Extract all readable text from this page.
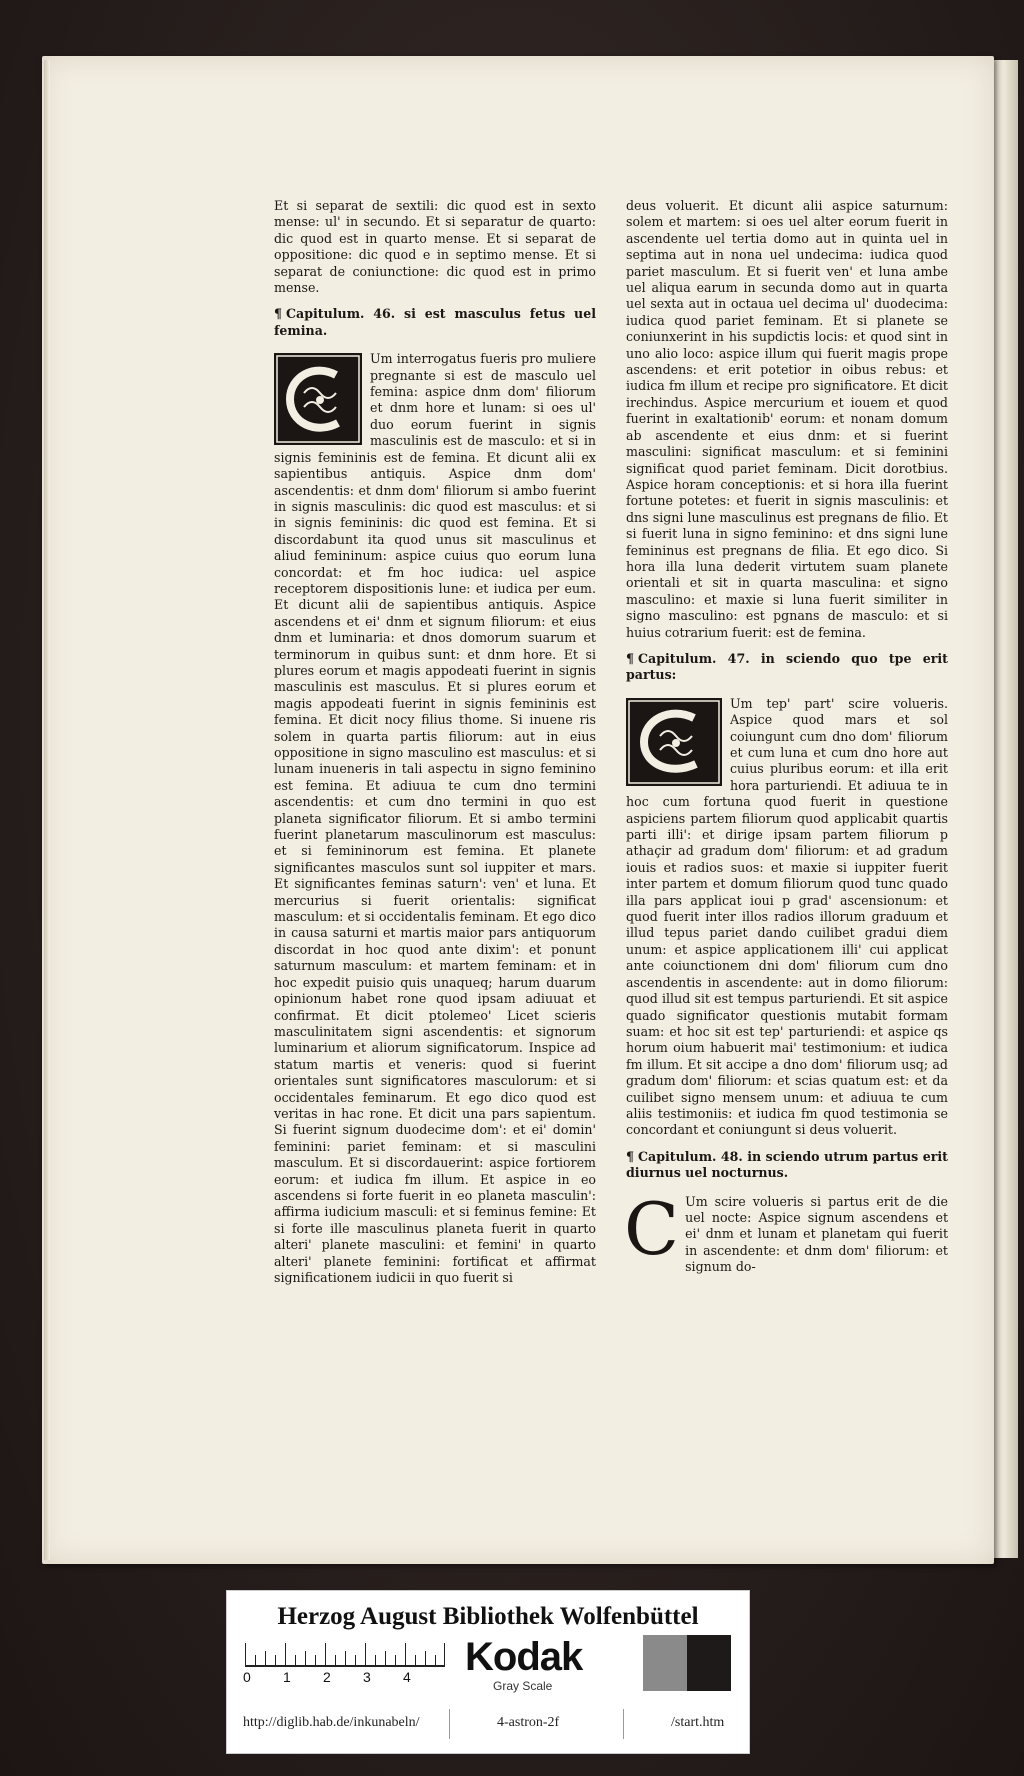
Et si separat de sextili: dic quod est in sexto mense: ul' in secundo. Et si separatur de quarto: dic quod est in quarto mense. Et si separat de oppositione: dic quod e in septimo mense. Et si separat de coniunctione: dic quod est in primo mense.

¶ Capitulum. 46. si est masculus fetus uel femina.

Um interrogatus fueris pro muliere pregnante si est de masculo uel femina: aspice dnm dom' filiorum et dnm hore et lunam: si oes ul' duo eorum fuerint in signis masculinis est de masculo: et si in signis femininis est de femina. Et dicunt alii ex sapientibus antiquis. Aspice dnm dom' ascendentis: et dnm dom' filiorum si ambo fuerint in signis masculinis: dic quod est masculus: et si in signis femininis: dic quod est femina. Et si discordabunt ita quod unus sit masculinus et aliud femininum: aspice cuius quo eorum luna concordat: et fm hoc iudica: uel aspice receptorem dispositionis lune: et iudica per eum. Et dicunt alii de sapientibus antiquis. Aspice ascendens et ei' dnm et signum filiorum: et eius dnm et luminaria: et dnos domorum suarum et terminorum in quibus sunt: et dnm hore. Et si plures eorum et magis appodeati fuerint in signis masculinis est masculus. Et si plures eorum et magis appodeati fuerint in signis femininis est femina. Et dicit nocy filius thome. Si inuene ris solem in quarta partis filiorum: aut in eius oppositione in signo masculino est masculus: et si lunam inueneris in tali aspectu in signo feminino est femina. Et adiuua te cum dno termini ascendentis: et cum dno termini in quo est planeta significator filiorum. Et si ambo termini fuerint planetarum masculinorum est masculus: et si femininorum est femina. Et planete significantes masculos sunt sol iuppiter et mars. Et significantes feminas saturn': ven' et luna. Et mercurius si fuerit orientalis: significat masculum: et si occidentalis feminam. Et ego dico in causa saturni et martis maior pars antiquorum discordat in hoc quod ante dixim': et ponunt saturnum masculum: et martem feminam: et in hoc expedit puisio quis unaqueq; harum duarum opinionum habet rone quod ipsam adiuuat et confirmat. Et dicit ptolemeo' Licet scieris masculinitatem signi ascendentis: et signorum luminarium et aliorum significatorum. Inspice ad statum martis et veneris: quod si fuerint orientales sunt significatores masculorum: et si occidentales feminarum. Et ego dico quod est veritas in hac rone. Et dicit una pars sapientum. Si fuerint signum duodecime dom': et ei' domin' feminini: pariet feminam: et si masculini masculum. Et si discordauerint: aspice fortiorem eorum: et iudica fm illum. Et aspice in eo ascendens si forte fuerit in eo planeta masculin': affirma iudicium masculi: et si feminus femine: Et si forte ille masculinus planeta fuerit in quarto alteri' planete masculini: et femini' in quarto alteri' planete feminini: fortificat et affirmat significationem iudicii in quo fuerit si

deus voluerit. Et dicunt alii aspice saturnum: solem et martem: si oes uel alter eorum fuerit in ascendente uel tertia domo aut in quinta uel in septima aut in nona uel undecima: iudica quod pariet masculum. Et si fuerit ven' et luna ambe uel aliqua earum in secunda domo aut in quarta uel sexta aut in octaua uel decima ul' duodecima: iudica quod pariet feminam. Et si planete se coniunxerint in his supdictis locis: et quod sint in uno alio loco: aspice illum qui fuerit magis prope ascendens: et erit potetior in oibus rebus: et iudica fm illum et recipe pro significatore. Et dicit irechindus. Aspice mercurium et iouem et quod fuerint in exaltationib' eorum: et nonam domum ab ascendente et eius dnm: et si fuerint masculini: significat masculum: et si feminini significat quod pariet feminam. Dicit dorotbius. Aspice horam conceptionis: et si hora illa fuerint fortune potetes: et fuerit in signis masculinis: et dns signi lune masculinus est pregnans de filio. Et si fuerit luna in signo feminino: et dns signi lune femininus est pregnans de filia. Et ego dico. Si hora illa luna dederit virtutem suam planete orientali et sit in quarta masculina: et signo masculino: et maxie si luna fuerit similiter in signo masculino: est pgnans de masculo: et si huius cotrarium fuerit: est de femina.

¶ Capitulum. 47. in sciendo quo tpe erit partus:

Um tep' part' scire volueris. Aspice quod mars et sol coiungunt cum dno dom' filiorum et cum luna et cum dno hore aut cuius pluribus eorum: et illa erit hora parturiendi. Et adiuua te in hoc cum fortuna quod fuerit in questione aspiciens partem filiorum quod applicabit quartis parti illi': et dirige ipsam partem filiorum p athaçir ad gradum dom' filiorum: et ad gradum iouis et radios suos: et maxie si iuppiter fuerit inter partem et domum filiorum quod tunc quado illa pars applicat ioui p grad' ascensionum: et quod fuerit inter illos radios illorum graduum et illud tepus pariet dando cuilibet gradui diem unum: et aspice applicationem illi' cui applicat ante coiunctionem dni dom' filiorum cum dno ascendentis in ascendente: aut in domo filiorum: quod illud sit est tempus parturiendi. Et sit aspice quado significator questionis mutabit formam suam: et hoc sit est tep' parturiendi: et aspice qs horum oium habuerit mai' testimonium: et iudica fm illum. Et sit accipe a dno dom' filiorum usq; ad gradum dom' filiorum: et scias quatum est: et da cuilibet signo mensem unum: et adiuua te cum aliis testimoniis: et iudica fm quod testimonia se concordant et coniungunt si deus voluerit.

¶ Capitulum. 48. in sciendo utrum partus erit diurnus uel nocturnus.

C Um scire volueris si partus erit de die uel nocte: Aspice signum ascendens et ei' dnm et lunam et planetam qui fuerit in ascendente: et dnm dom' filiorum: et signum do-

Herzog August Bibliothek Wolfenbüttel
0 1 2 3 4 Kodak
Gray Scale
http://diglib.hab.de/inkunabeln/	4-astron-2f	/start.htm
